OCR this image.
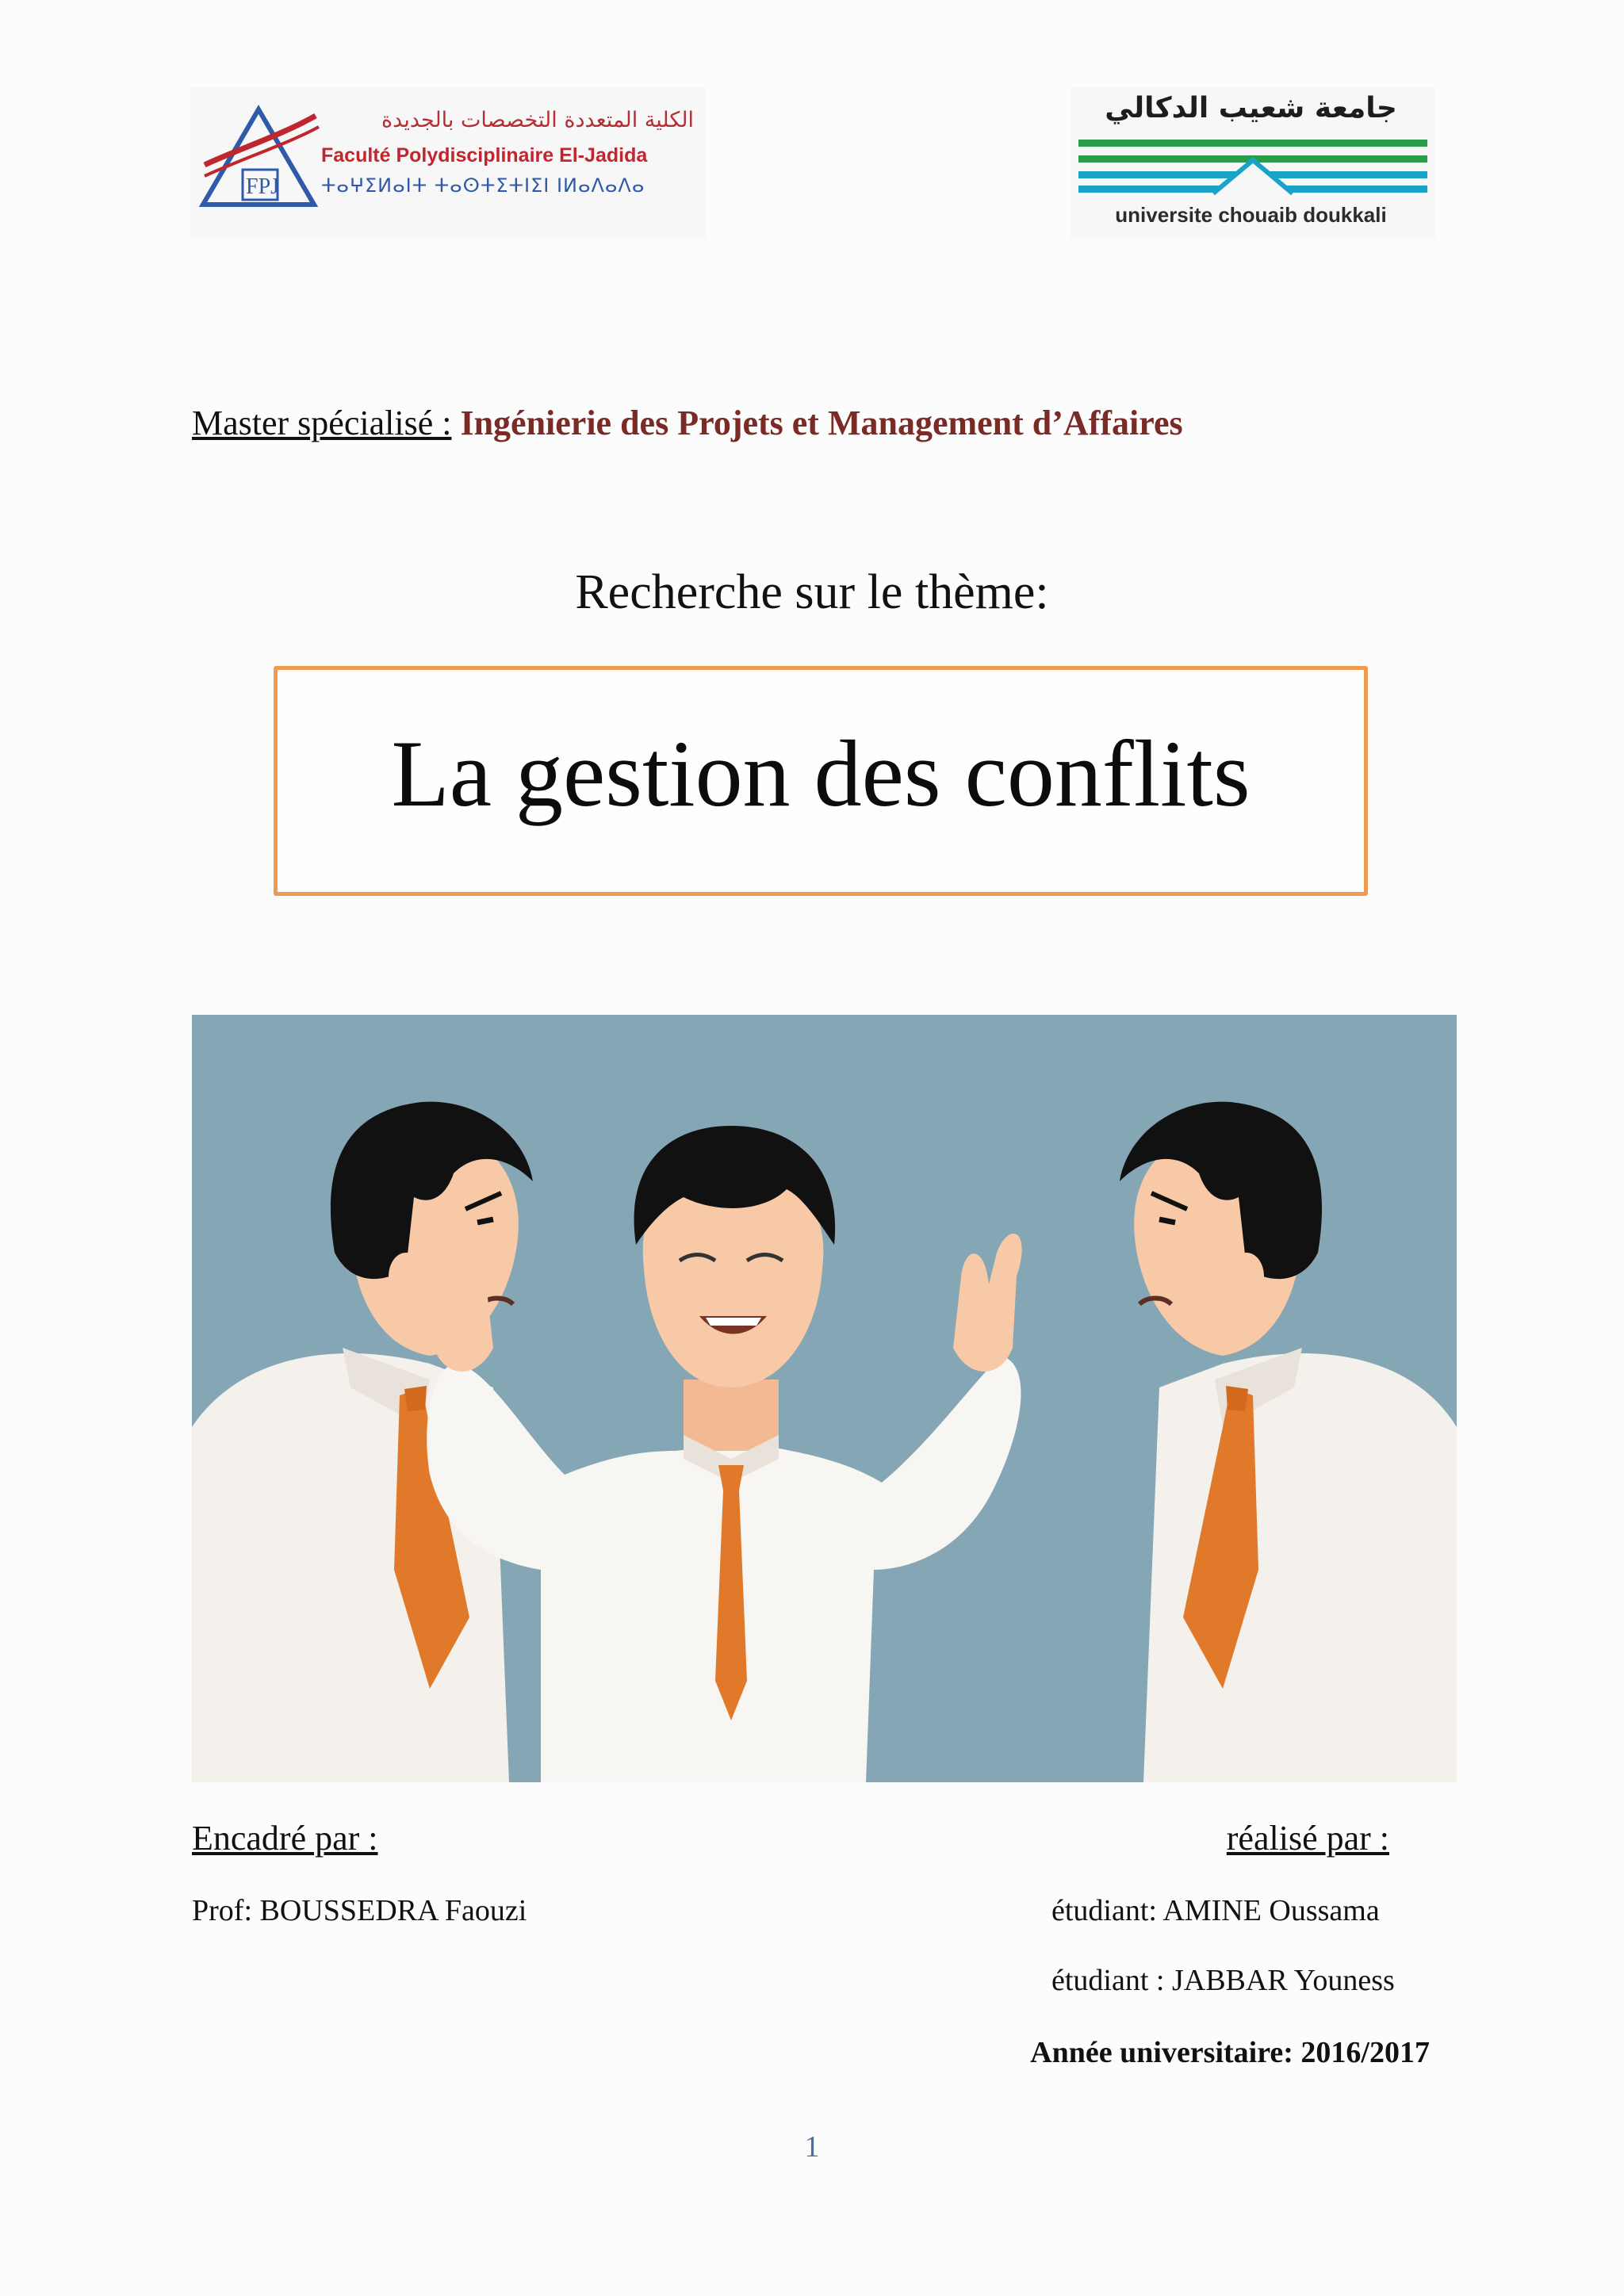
FPJ
الكلية المتعددة التخصصات بالجديدة
Faculté Polydisciplinaire El-Jadida
ⵜⴰⵖⵉⵍⴰⵏⵜ ⵜⴰⵙⵜⵉⵜⵏⵉⵏ ⵏⵍⴰⴷⴰⴷⴰ
جامعة شعيب الدكالي
universite chouaib doukkali
Master spécialisé : Ingénierie des Projets et Management d’Affaires
Recherche sur le thème:
La gestion des conflits
Encadré par :	réalisé par :
Prof: BOUSSEDRA Faouzi	étudiant: AMINE Oussama
étudiant : JABBAR Youness
Année universitaire: 2016/2017
1
